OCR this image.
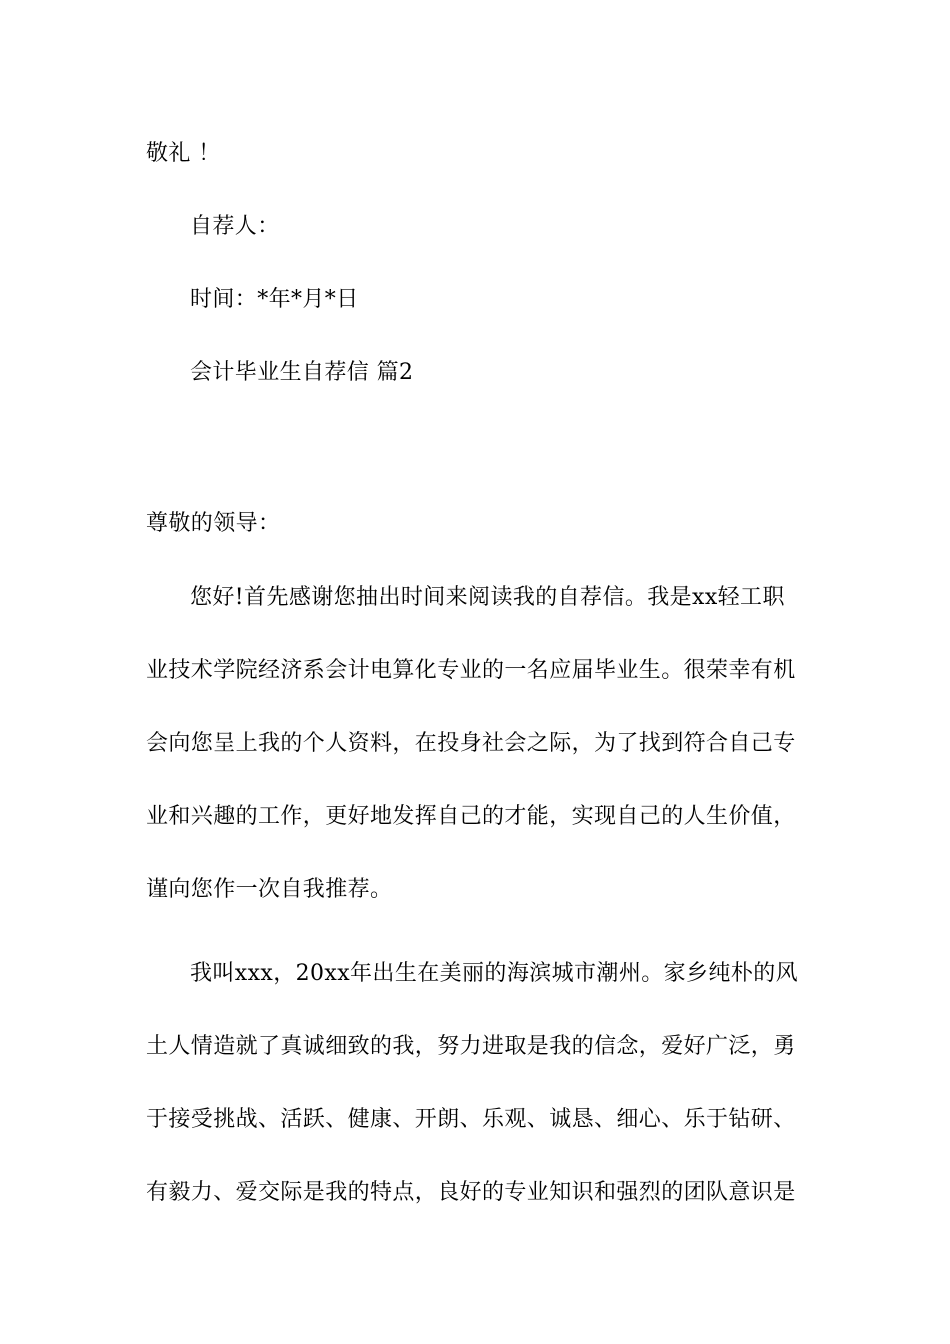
敬礼 ！
自荐人：
时间：*年*月*日
会计毕业生自荐信 篇2
尊敬的领导：
您好!首先感谢您抽出时间来阅读我的自荐信。我是xx轻工职
业技术学院经济系会计电算化专业的一名应届毕业生。很荣幸有机
会向您呈上我的个人资料，在投身社会之际，为了找到符合自己专
业和兴趣的工作，更好地发挥自己的才能，实现自己的人生价值，
谨向您作一次自我推荐。
我叫xxx，20xx年出生在美丽的海滨城市潮州。家乡纯朴的风
土人情造就了真诚细致的我，努力进取是我的信念，爱好广泛，勇
于接受挑战、活跃、健康、开朗、乐观、诚恳、细心、乐于钻研、
有毅力、爱交际是我的特点，良好的专业知识和强烈的团队意识是
